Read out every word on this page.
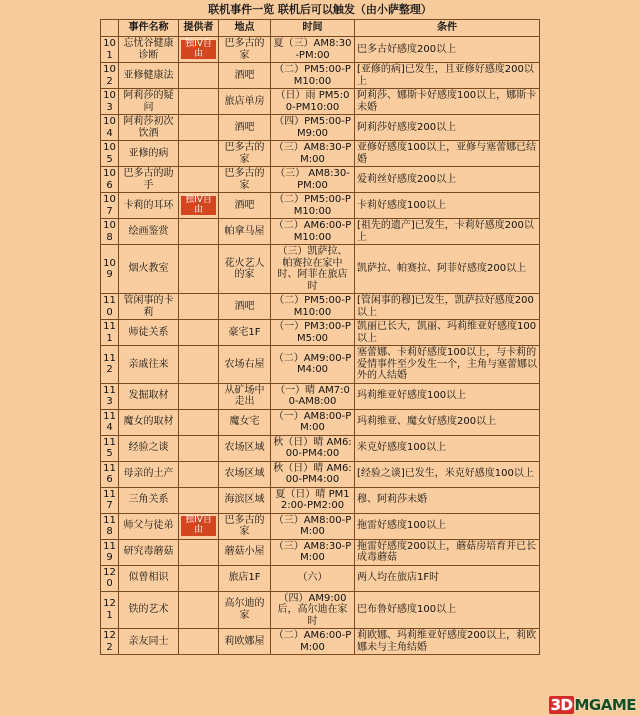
联机事件一览 联机后可以触发（由小萨整理）
	事件名称	提供者	地点	时间	条件
101	忘忧谷健康诊断	独IV自由	巴多古的家	夏（三）AM8:30-PM:00	巴多古好感度200以上
102	亚修健康法		酒吧	（二）PM5:00-PM10:00	[亚修的病]已发生，且亚修好感度200以上
103	阿莉莎的疑问		旅店单房	（日）雨 PM5:00-PM10:00	阿莉莎、娜斯卡好感度100以上，娜斯卡未婚
104	阿莉莎初次饮酒		酒吧	（四）PM5:00-PM9:00	阿莉莎好感度200以上
105	亚修的病		巴多古的家	（三）AM8:30-PM:00	亚修好感度100以上，亚修与塞蕾娜已结婚
106	巴多古的助手		巴多古的家	（三） AM8:30-PM:00	爱莉丝好感度200以上
107	卡莉的耳环	独IV自由	酒吧	（二）PM5:00-PM10:00	卡莉好感度100以上
108	绘画鉴赏		帕拿马屋	（二）AM6:00-PM10:00	[祖先的遗产]已发生，卡莉好感度200以上
109	烟火教室		花火艺人的家	（三）凯萨拉、帕赛拉在家中时、阿菲在旅店时	凯萨拉、帕赛拉、阿菲好感度200以上
110	管闲事的卡莉		酒吧	（二）PM5:00-PM10:00	[管闲事的穆]已发生，凯萨拉好感度200以上
111	师徒关系		豪宅1F	（一）PM3:00-PM5:00	凯丽已长大，凯丽、玛莉维亚好感度100以上
112	亲戚往来		农场右屋	（二）AM9:00-PM4:00	塞蕾娜、卡莉好感度100以上，与卡莉的爱情事件至少发生一个，主角与塞蕾娜以外的人结婚
113	发掘取材		从矿场中走出	（一）晴 AM7:00-AM8:00	玛莉维亚好感度100以上
114	魔女的取材		魔女宅	（一）AM8:00-PM:00	玛莉维亚、魔女好感度200以上
115	经验之谈		农场区域	秋（日）晴 AM6:00-PM4:00	米克好感度100以上
116	母亲的土产		农场区域	秋（日）晴 AM6:00-PM4:00	[经验之谈]已发生，米克好感度100以上
117	三角关系		海滨区域	夏（日）晴 PM12:00-PM2:00	穆、阿莉莎未婚
118	师父与徒弟	独IV自由	巴多古的家	（三）AM8:00-PM:00	拖雷好感度100以上
119	研究毒蘑菇		蘑菇小屋	（三）AM8:30-PM:00	拖雷好感度200以上，蘑菇房培育并已长成毒蘑菇
120	似曾相识		旅店1F	（六）	两人均在旅店1F时
121	铁的艺术		高尔迪的家	（四）AM9:00后，高尔迪在家时	巴布鲁好感度100以上
122	亲友同士		莉欧娜屋	（二）AM6:00-PM:00	莉欧娜、玛莉维亚好感度200以上，莉欧娜未与主角结婚
3D MGAME
